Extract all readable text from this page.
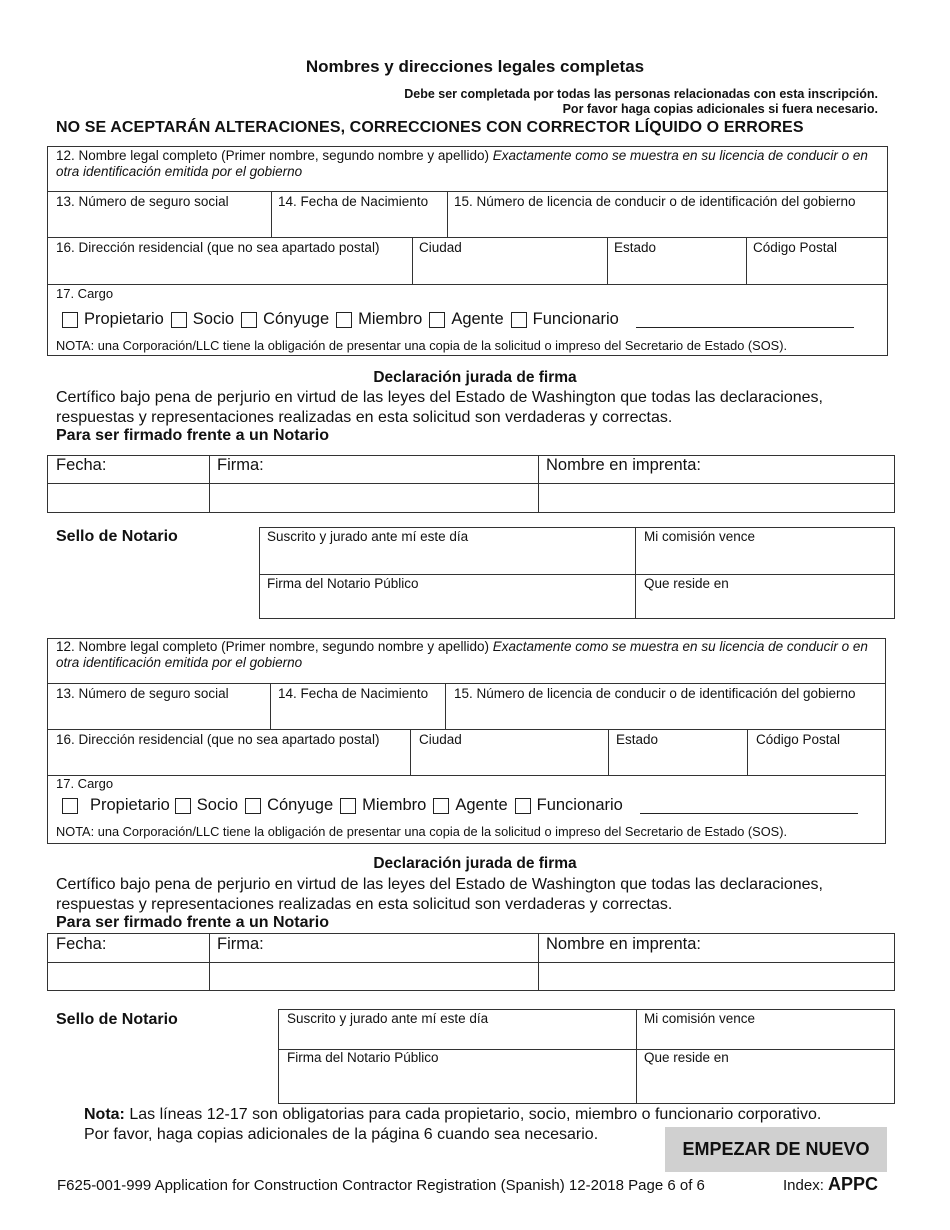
Nombres y direcciones legales completas
Debe ser completada por todas las personas relacionadas con esta inscripción.
Por favor haga copias adicionales si fuera necesario.
NO SE ACEPTARÁN ALTERACIONES, CORRECCIONES CON CORRECTOR LÍQUIDO O ERRORES
12. Nombre legal completo (Primer nombre, segundo nombre y apellido) Exactamente como se muestra en su licencia de conducir o en otra identificación emitida por el gobierno
13. Número de seguro social	14. Fecha de Nacimiento	15. Número de licencia de conducir o de identificación del gobierno
16. Dirección residencial (que no sea apartado postal)	Ciudad	Estado	Código Postal
17. Cargo
Propietario Socio Cónyuge Miembro Agente Funcionario
NOTA: una Corporación/LLC tiene la obligación de presentar una copia de la solicitud o impreso del Secretario de Estado (SOS).
Declaración jurada de firma
Certífico bajo pena de perjurio en virtud de las leyes del Estado de Washington que todas las declaraciones,
respuestas y representaciones realizadas en esta solicitud son verdaderas y correctas.
Para ser firmado frente a un Notario
Fecha:	Firma:	Nombre en imprenta:
Sello de Notario	Suscrito y jurado ante mí este día	Mi comisión vence
Firma del Notario Público	Que reside en
12. Nombre legal completo (Primer nombre, segundo nombre y apellido) Exactamente como se muestra en su licencia de conducir o en otra identificación emitida por el gobierno
13. Número de seguro social	14. Fecha de Nacimiento	15. Número de licencia de conducir o de identificación del gobierno
16. Dirección residencial (que no sea apartado postal)	Ciudad	Estado	Código Postal
17. Cargo
Propietario Socio Cónyuge Miembro Agente Funcionario
NOTA: una Corporación/LLC tiene la obligación de presentar una copia de la solicitud o impreso del Secretario de Estado (SOS).
Declaración jurada de firma
Certífico bajo pena de perjurio en virtud de las leyes del Estado de Washington que todas las declaraciones,
respuestas y representaciones realizadas en esta solicitud son verdaderas y correctas.
Para ser firmado frente a un Notario
Fecha:	Firma:	Nombre en imprenta:
Sello de Notario	Suscrito y jurado ante mí este día	Mi comisión vence
Firma del Notario Público	Que reside en
Nota: Las líneas 12-17 son obligatorias para cada propietario, socio, miembro o funcionario corporativo.
Por favor, haga copias adicionales de la página 6 cuando sea necesario.
EMPEZAR DE NUEVO
F625-001-999 Application for Construction Contractor Registration (Spanish) 12-2018 Page 6 of 6	Index: APPC
